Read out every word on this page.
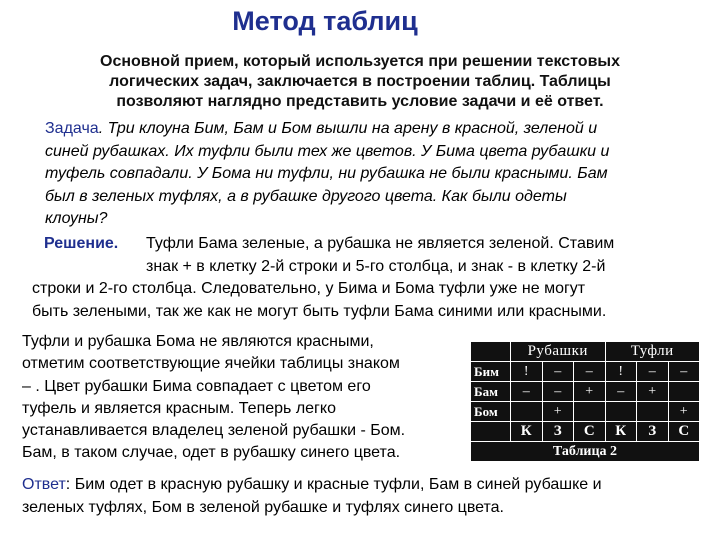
Метод таблиц
Основной прием, который используется при решении текстовых
логических задач, заключается в построении таблиц. Таблицы
позволяют наглядно представить условие задачи и её ответ.
Задача. Три клоуна Бим, Бам и Бом вышли на арену в красной, зеленой и
синей рубашках. Их туфли были тех же цветов. У Бима цвета рубашки и
туфель совпадали. У Бома ни туфли, ни рубашка не были красными. Бам
был в зеленых туфлях, а в рубашке другого цвета. Как были одеты
клоуны?
Решение.	Туфли Бама зеленые, а рубашка не является зеленой. Ставим
знак + в клетку 2-й строки и 5-го столбца, и знак - в клетку 2-й
строки и 2-го столбца. Следовательно, у Бима и Бома туфли уже не могут
быть зелеными, так же как не могут быть туфли Бама синими или красными.
Туфли и рубашка Бома не являются красными,
отметим соответствующие ячейки таблицы знаком
– . Цвет рубашки Бима совпадает с цветом его
туфель и является красным. Теперь легко
устанавливается владелец зеленой рубашки - Бом.
Бам, в таком случае, одет в рубашку синего цвета.
	Рубашки			Туфли		
Бим	!	–	–	!	–	–
Бам	–	–	+	–	+	
Бом		+				+
	К	З	С	К	З	С
Таблица 2						
Ответ: Бим одет в красную рубашку и красные туфли, Бам в синей рубашке и
зеленых туфлях, Бом в зеленой рубашке и туфлях синего цвета.
